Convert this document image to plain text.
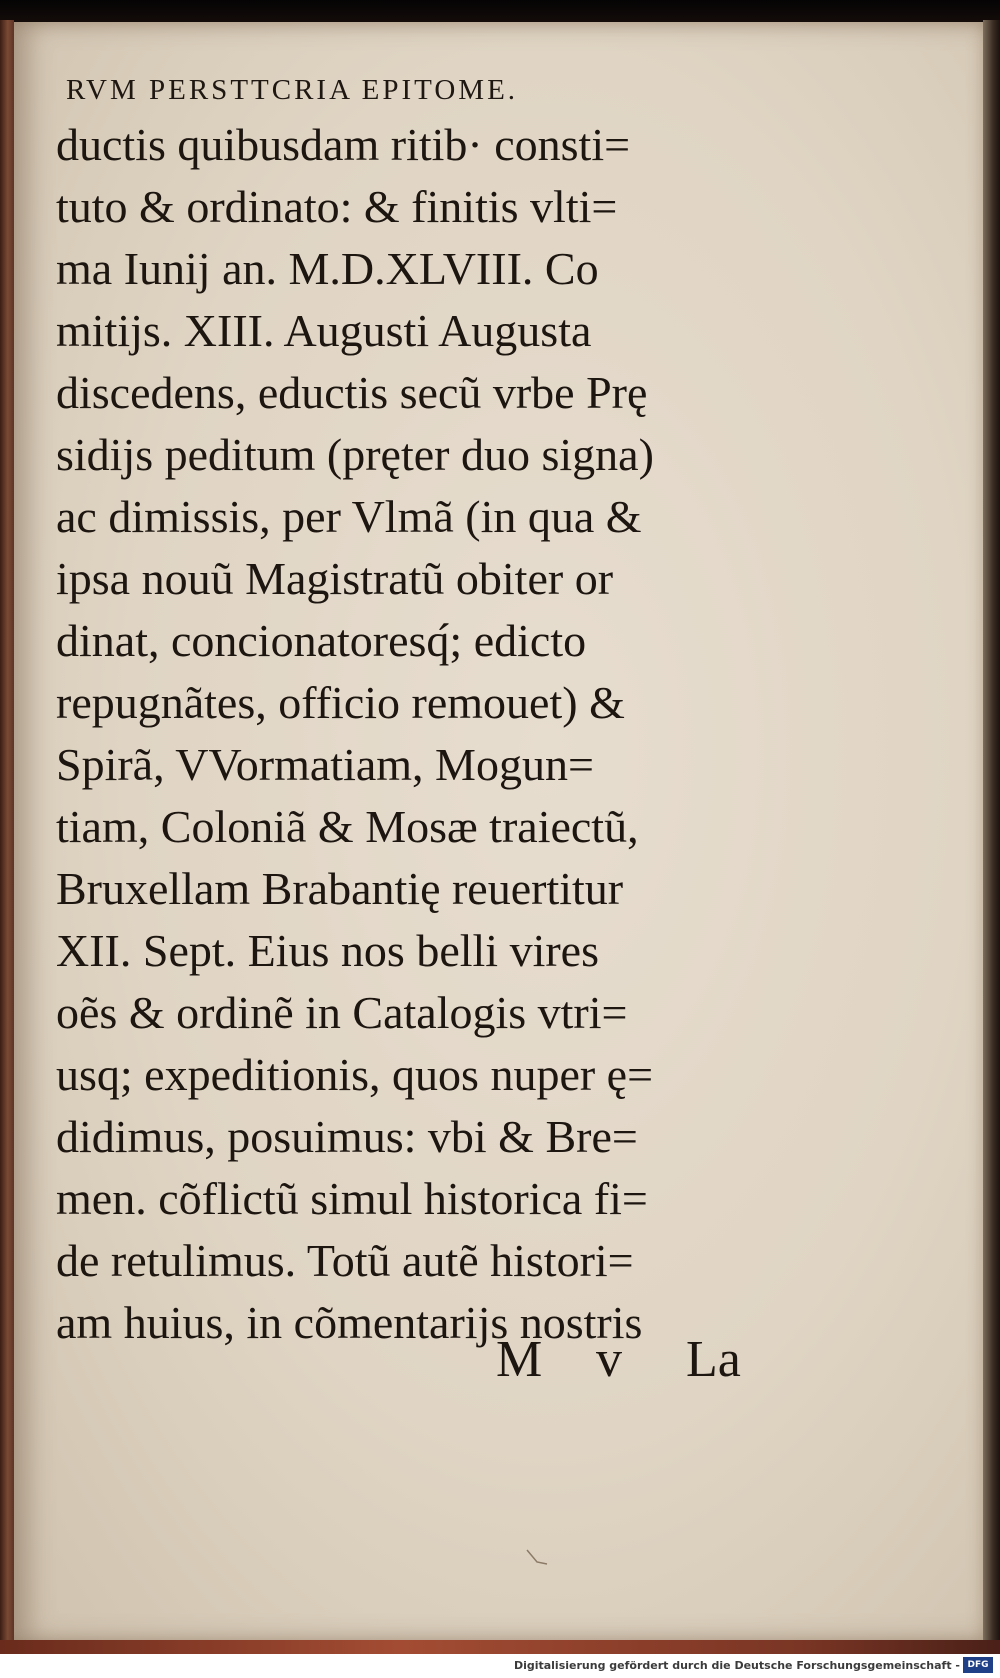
RVM PERSTTCRIA EPITOME.
ductis quibusdam ritib· consti=
tuto & ordinato: & finitis vlti=
ma Iunij an. M.D.XLVIII. Co
mitijs. XIII. Augusti Augusta
discedens, eductis secũ vrbe Prę
sidijs peditum (pręter duo signa)
ac dimissis, per Vlmã (in qua &
ipsa nouũ Magistratũ obiter or
dinat, concionatoresq́; edicto
repugnãtes, officio remouet) &
Spirã, VVormatiam, Mogun=
tiam, Coloniã & Mosæ traiectũ,
Bruxellam Brabantię reuertitur
XII. Sept. Eius nos belli vires
oẽs & ordinẽ in Catalogis vtri=
usq; expeditionis, quos nuper ę=
didimus, posuimus: vbi & Bre=
men. cõflictũ simul historica fi=
de retulimus. Totũ autẽ histori=
am huius, in cõmentarijs nostris
M v La
Digitalisierung gefördert durch die Deutsche Forschungsgemeinschaft - DFG
